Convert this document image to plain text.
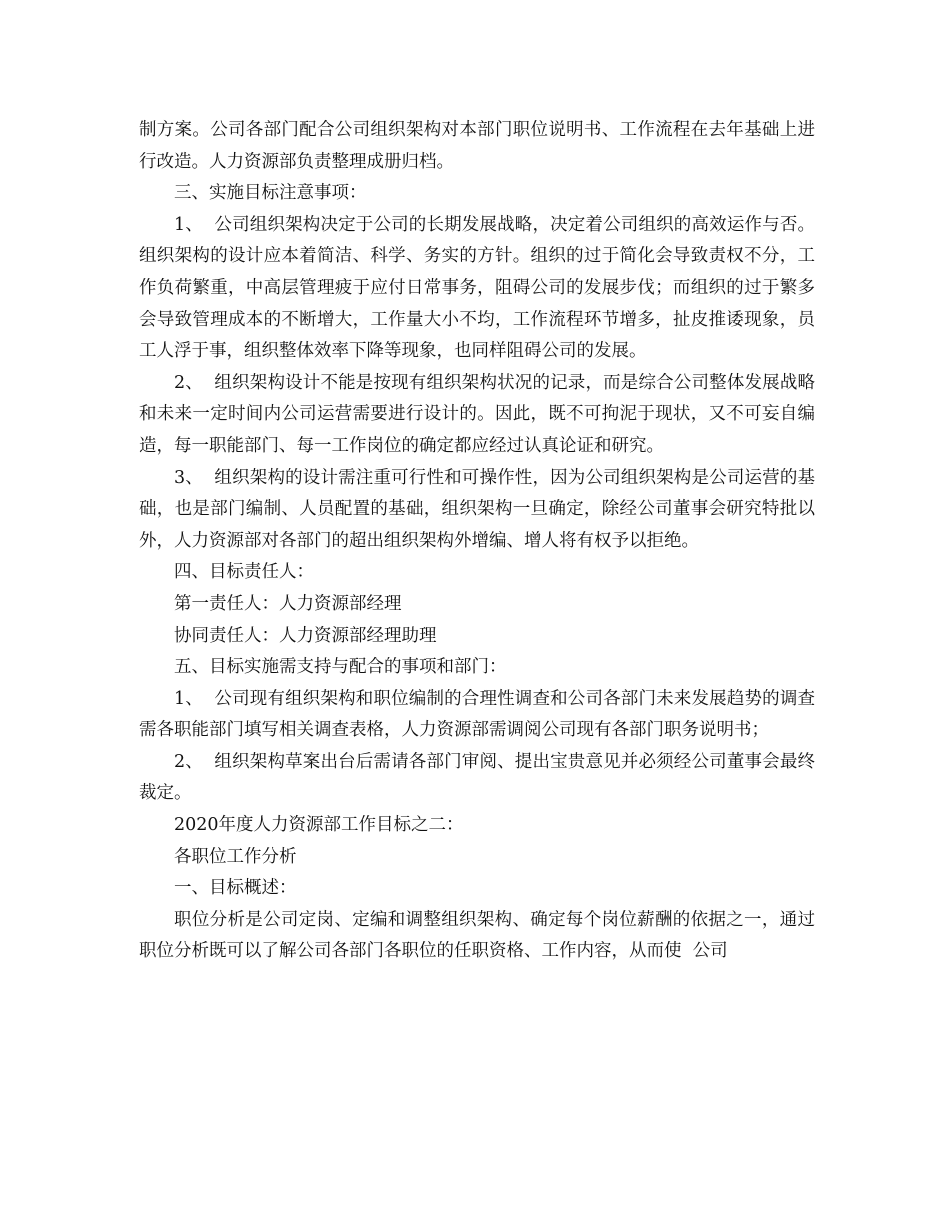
制方案。公司各部门配合公司组织架构对本部门职位说明书、工作流程在去年基础上进行改造。人力资源部负责整理成册归档。

三、实施目标注意事项：

1、  公司组织架构决定于公司的长期发展战略，决定着公司组织的高效运作与否。组织架构的设计应本着简洁、科学、务实的方针。组织的过于简化会导致责权不分，工作负荷繁重，中高层管理疲于应付日常事务，阻碍公司的发展步伐；而组织的过于繁多会导致管理成本的不断增大，工作量大小不均，工作流程环节增多，扯皮推诿现象，员工人浮于事，组织整体效率下降等现象，也同样阻碍公司的发展。

2、  组织架构设计不能是按现有组织架构状况的记录，而是综合公司整体发展战略和未来一定时间内公司运营需要进行设计的。因此，既不可拘泥于现状，又不可妄自编造，每一职能部门、每一工作岗位的确定都应经过认真论证和研究。

3、  组织架构的设计需注重可行性和可操作性，因为公司组织架构是公司运营的基础，也是部门编制、人员配置的基础，组织架构一旦确定，除经公司董事会研究特批以外，人力资源部对各部门的超出组织架构外增编、增人将有权予以拒绝。

四、目标责任人：

第一责任人：人力资源部经理

协同责任人：人力资源部经理助理

五、目标实施需支持与配合的事项和部门：

1、  公司现有组织架构和职位编制的合理性调查和公司各部门未来发展趋势的调查需各职能部门填写相关调查表格，人力资源部需调阅公司现有各部门职务说明书；

2、  组织架构草案出台后需请各部门审阅、提出宝贵意见并必须经公司董事会最终裁定。

2020年度人力资源部工作目标之二：

各职位工作分析

一、目标概述：

职位分析是公司定岗、定编和调整组织架构、确定每个岗位薪酬的依据之一，通过职位分析既可以了解公司各部门各职位的任职资格、工作内容，从而使  公司
